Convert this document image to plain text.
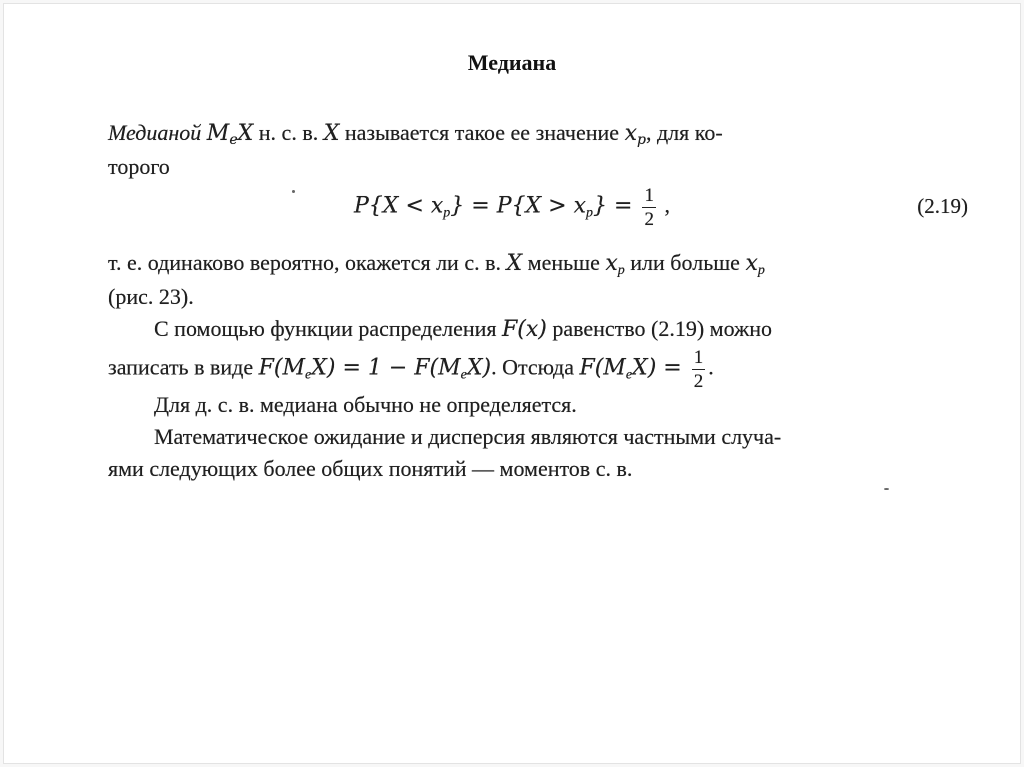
Медиана
Медианой $M_eX$ н. с. в. X называется такое ее значение $x_p$, для ко-
торого
$P\{X < x_p\} = P\{X > x_p\} = \frac{1}{2}$ ,	(2.19)
т. е. одинаково вероятно, окажется ли с. в. X меньше $x_p$ или больше $x_p$
(рис. 23).
С помощью функции распределения F(x) равенство (2.19) можно
записать в виде $F(M_eX) = 1 - F(M_eX)$. Отсюда $F(M_eX) = \frac{1}{2}$ .
Для д. с. в. медиана обычно не определяется.
Математическое ожидание и дисперсия являются частными случа-
ями следующих более общих понятий — моментов с. в.
